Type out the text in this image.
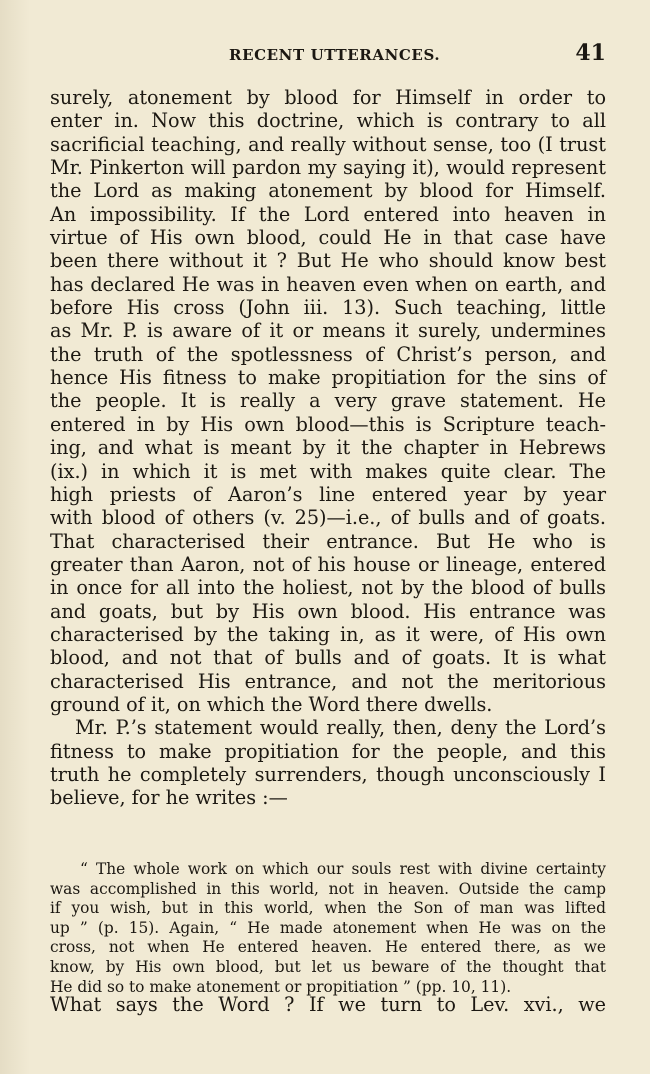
RECENT UTTERANCES.	41
surely, atonement by blood for Himself in order to
enter in. Now this doctrine, which is contrary to all
sacrificial teaching, and really without sense, too (I trust
Mr. Pinkerton will pardon my saying it), would represent
the Lord as making atonement by blood for Himself.
An impossibility. If the Lord entered into heaven in
virtue of His own blood, could He in that case have
been there without it ? But He who should know best
has declared He was in heaven even when on earth, and
before His cross (John iii. 13). Such teaching, little
as Mr. P. is aware of it or means it surely, undermines
the truth of the spotlessness of Christ’s person, and
hence His fitness to make propitiation for the sins of
the people. It is really a very grave statement. He
entered in by His own blood—this is Scripture teach-
ing, and what is meant by it the chapter in Hebrews
(ix.) in which it is met with makes quite clear. The
high priests of Aaron’s line entered year by year
with blood of others (v. 25)—i.e., of bulls and of goats.
That characterised their entrance. But He who is
greater than Aaron, not of his house or lineage, entered
in once for all into the holiest, not by the blood of bulls
and goats, but by His own blood. His entrance was
characterised by the taking in, as it were, of His own
blood, and not that of bulls and of goats. It is what
characterised His entrance, and not the meritorious
ground of it, on which the Word there dwells.
Mr. P.’s statement would really, then, deny the Lord’s
fitness to make propitiation for the people, and this
truth he completely surrenders, though unconsciously I
believe, for he writes :—
“ The whole work on which our souls rest with divine certainty
was accomplished in this world, not in heaven. Outside the camp
if you wish, but in this world, when the Son of man was lifted
up ” (p. 15). Again, “ He made atonement when He was on the
cross, not when He entered heaven. He entered there, as we
know, by His own blood, but let us beware of the thought that
He did so to make atonement or propitiation ” (pp. 10, 11).
What says the Word ? If we turn to Lev. xvi., we
